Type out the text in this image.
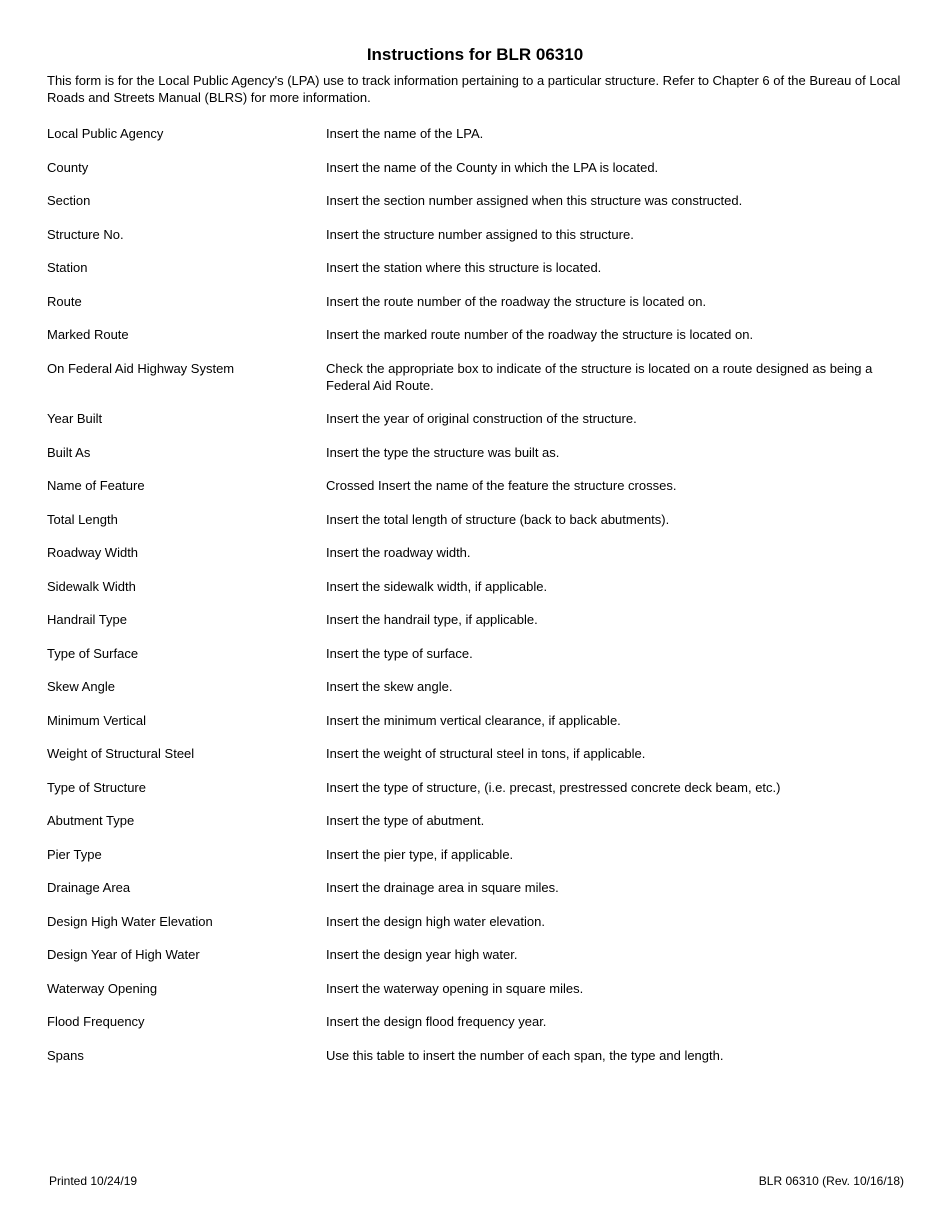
Instructions for BLR 06310

This form is for the Local Public Agency's (LPA) use to track information pertaining to a particular structure. Refer to Chapter 6 of the Bureau of Local Roads and Streets Manual (BLRS) for more information.

Local Public Agency	Insert the name of the LPA.
County	Insert the name of the County in which the LPA is located.
Section	Insert the section number assigned when this structure was constructed.
Structure No.	Insert the structure number assigned to this structure.
Station	Insert the station where this structure is located.
Route	Insert the route number of the roadway the structure is located on.
Marked Route	Insert the marked route number of the roadway the structure is located on.
On Federal Aid Highway System	Check the appropriate box to indicate of the structure is located on a route designed as being a Federal Aid Route.
Year Built	Insert the year of original construction of the structure.
Built As	Insert the type the structure was built as.
Name of Feature	Crossed Insert the name of the feature the structure crosses.
Total Length	Insert the total length of structure (back to back abutments).
Roadway Width	Insert the roadway width.
Sidewalk Width	Insert the sidewalk width, if applicable.
Handrail Type	Insert the handrail type, if applicable.
Type of Surface	Insert the type of surface.
Skew Angle	Insert the skew angle.
Minimum Vertical	Insert the minimum vertical clearance, if applicable.
Weight of Structural Steel	Insert the weight of structural steel in tons, if applicable.
Type of Structure	Insert the type of structure, (i.e. precast, prestressed concrete deck beam, etc.)
Abutment Type	Insert the type of abutment.
Pier Type	Insert the pier type, if applicable.
Drainage Area	Insert the drainage area in square miles.
Design High Water Elevation	Insert the design high water elevation.
Design Year of High Water	Insert the design year high water.
Waterway Opening	Insert the waterway opening in square miles.
Flood Frequency	Insert the design flood frequency year.
Spans	Use this table to insert the number of each span, the type and length.
Printed 10/24/19	BLR 06310 (Rev. 10/16/18)
